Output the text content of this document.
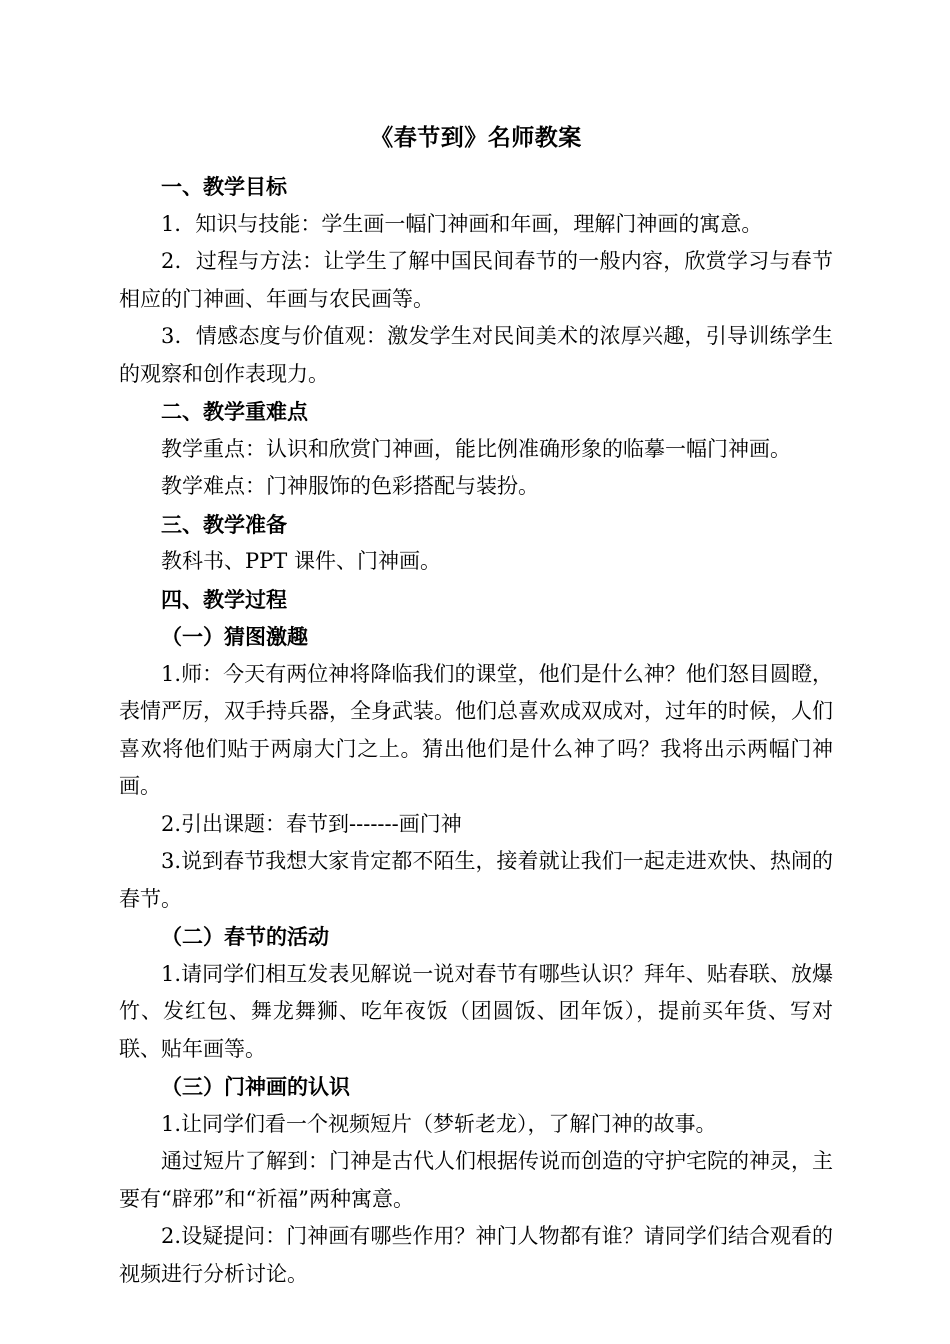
《春节到》名师教案

一、教学目标

1．知识与技能：学生画一幅门神画和年画，理解门神画的寓意。

2．过程与方法：让学生了解中国民间春节的一般内容，欣赏学习与春节相应的门神画、年画与农民画等。

3．情感态度与价值观：激发学生对民间美术的浓厚兴趣，引导训练学生的观察和创作表现力。

二、教学重难点

教学重点：认识和欣赏门神画，能比例准确形象的临摹一幅门神画。

教学难点：门神服饰的色彩搭配与装扮。

三、教学准备

教科书、PPT 课件、门神画。

四、教学过程

（一）猜图激趣

1.师：今天有两位神将降临我们的课堂，他们是什么神？他们怒目圆瞪，表情严厉，双手持兵器，全身武装。他们总喜欢成双成对，过年的时候，人们喜欢将他们贴于两扇大门之上。猜出他们是什么神了吗？我将出示两幅门神画。

2.引出课题：春节到-------画门神

3.说到春节我想大家肯定都不陌生，接着就让我们一起走进欢快、热闹的春节。

（二）春节的活动

1.请同学们相互发表见解说一说对春节有哪些认识？拜年、贴春联、放爆竹、发红包、舞龙舞狮、吃年夜饭（团圆饭、团年饭），提前买年货、写对联、贴年画等。

（三）门神画的认识

1.让同学们看一个视频短片（梦斩老龙），了解门神的故事。

通过短片了解到：门神是古代人们根据传说而创造的守护宅院的神灵，主要有“辟邪”和“祈福”两种寓意。

2.设疑提问：门神画有哪些作用？神门人物都有谁？请同学们结合观看的视频进行分析讨论。
